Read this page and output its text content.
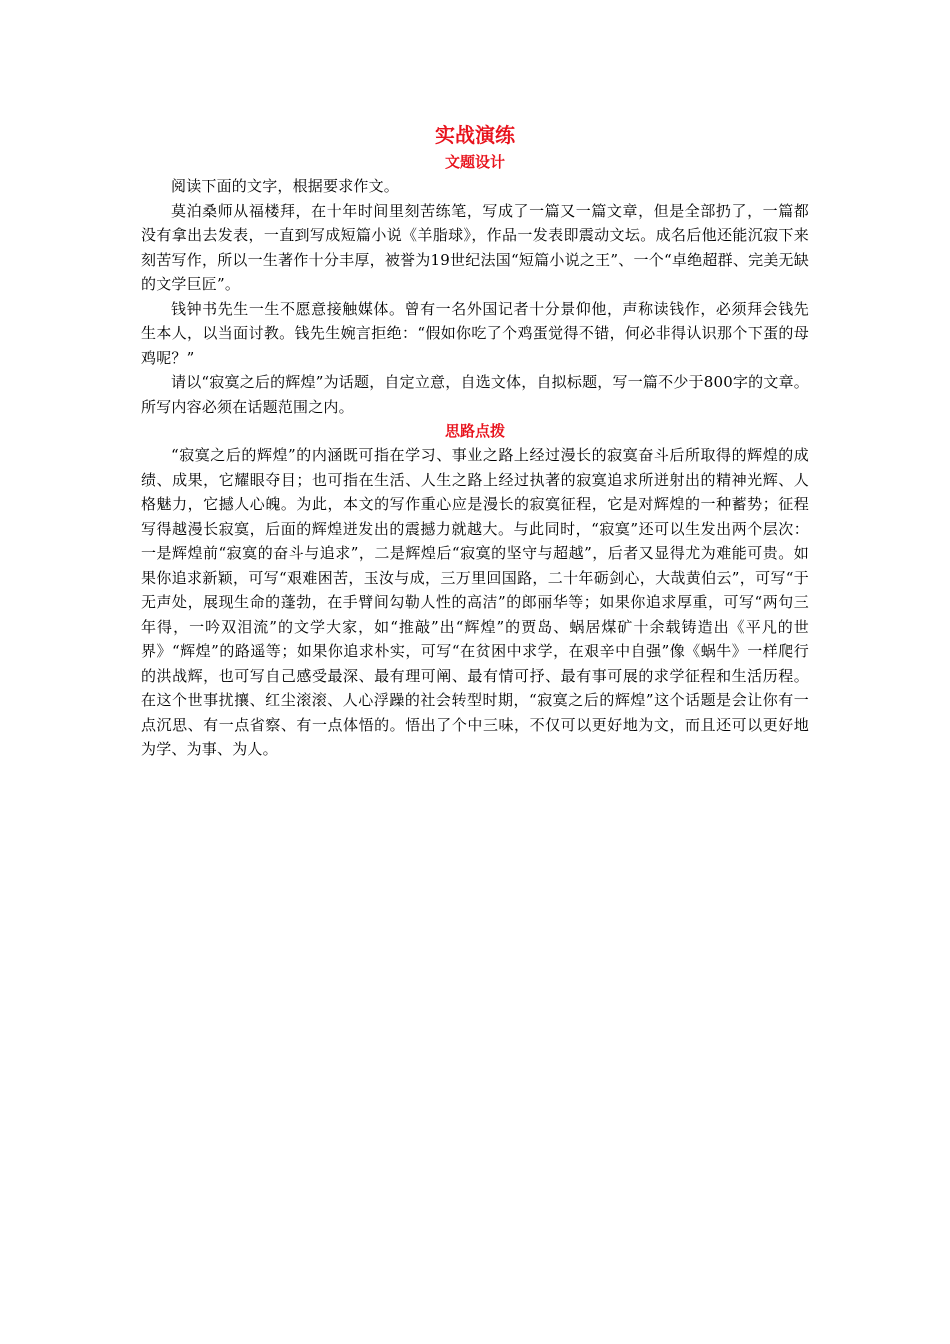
实战演练
文题设计

阅读下面的文字，根据要求作文。

莫泊桑师从福楼拜，在十年时间里刻苦练笔，写成了一篇又一篇文章，但是全部扔了，一篇都没有拿出去发表，一直到写成短篇小说《羊脂球》，作品一发表即震动文坛。成名后他还能沉寂下来刻苦写作，所以一生著作十分丰厚，被誉为19世纪法国“短篇小说之王”、一个“卓绝超群、完美无缺的文学巨匠”。

钱钟书先生一生不愿意接触媒体。曾有一名外国记者十分景仰他，声称读钱作，必须拜会钱先生本人，以当面讨教。钱先生婉言拒绝：“假如你吃了个鸡蛋觉得不错，何必非得认识那个下蛋的母鸡呢？”

请以“寂寞之后的辉煌”为话题，自定立意，自选文体，自拟标题，写一篇不少于800字的文章。所写内容必须在话题范围之内。

思路点拨

“寂寞之后的辉煌”的内涵既可指在学习、事业之路上经过漫长的寂寞奋斗后所取得的辉煌的成绩、成果，它耀眼夺目；也可指在生活、人生之路上经过执著的寂寞追求所迸射出的精神光辉、人格魅力，它撼人心魄。为此，本文的写作重心应是漫长的寂寞征程，它是对辉煌的一种蓄势；征程写得越漫长寂寞，后面的辉煌迸发出的震撼力就越大。与此同时，“寂寞”还可以生发出两个层次：一是辉煌前“寂寞的奋斗与追求”，二是辉煌后“寂寞的坚守与超越”，后者又显得尤为难能可贵。如果你追求新颖，可写“艰难困苦，玉汝与成，三万里回国路，二十年砺剑心，大哉黄伯云”，可写“于无声处，展现生命的蓬勃，在手臂间勾勒人性的高洁”的郎丽华等；如果你追求厚重，可写“两句三年得，一吟双泪流”的文学大家，如“推敲”出“辉煌”的贾岛、蜗居煤矿十余载铸造出《平凡的世界》“辉煌”的路遥等；如果你追求朴实，可写“在贫困中求学，在艰辛中自强”像《蜗牛》一样爬行的洪战辉，也可写自己感受最深、最有理可阐、最有情可抒、最有事可展的求学征程和生活历程。在这个世事扰攘、红尘滚滚、人心浮躁的社会转型时期，“寂寞之后的辉煌”这个话题是会让你有一点沉思、有一点省察、有一点体悟的。悟出了个中三味，不仅可以更好地为文，而且还可以更好地为学、为事、为人。
